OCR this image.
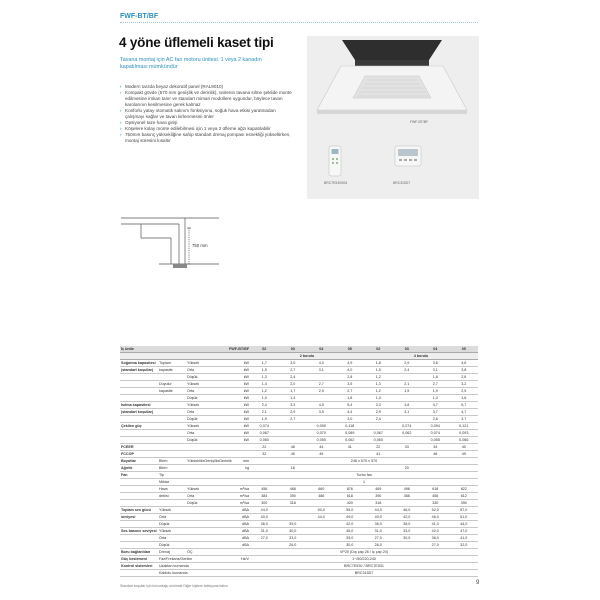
FWF-BT/BF
4 yöne üflemeli kaset tipi
Tavana montaj için AC fan motoru ünitesi. 1 veya 2 kanadın kapatılması mümkündür
› Modern tarzda beyaz dekoratif panel (RAL9010)
› Kompakt gövde (570 mm genişlik ve derinlik), ünitenin tavana silme şeklide monte edilmesine imkan tanır ve standart mimari modüllere uygundur, böylece tavan karolarının kesilmesine gerek kalmaz
› Konforlu yatay otomatik salınım fonksiyonu, soğuk hava etkisi yaratmadan çalışmayı sağlar ve tavan kirlenmesini önler
› Opsiyonel taze hava girişi
› Köşelere kolay monte edilebilmesi için 1 veya 2 üfleme ağzı kapatılabilir
› 750mm basınç yüksekliğine sahip standart drenaj pompası esnekliği yükseltirken, montaj süresini kısaltır
FWF-BT/BF
BRC7E530/531	BRC315D7
750 mm
İç ünite			FWF-BT/BF	02	03	04	05	02	03	04	05
				2 borulu				4 borulu			
Soğutma kapasitesi	Toplam	Yüksek	kW	1,7	3,0	4,0	4,9	1,8	2,9	3,8	4,6
(standart koşullar)	kapasite	Orta	kW	1,5	2,7	3,1	4,0	1,5	2,4	3,1	3,8
		Düşük	kW	1,3	2,4		2,8	1,2		1,6	2,6
	Duyulur	Yüksek	kW	1,4	2,0	2,7	3,5	1,3	2,1	2,7	3,2
	kapasite	Orta	kW	1,2	1,7	2,0	2,7	1,2	1,5	1,9	2,5
		Düşük	kW	1,0	1,4		1,8	1,0		1,0	1,6
Isıtma kapasitesi		Yüksek	kW	2,4	3,3	4,5	5,4	3,3	3,8	4,7	5,7
(standart koşullar)		Orta	kW	2,1	2,9	3,5	4,4	2,9	3,1	3,7	4,7
		Düşük	kW	1,9	2,7		3,0	2,4		2,6	3,7
Çekilen güç		Yüksek	kW	0,074		0,090	0,118		0,074	0,094	0,121
		Orta	kW	0,067		0,070	0,089	0,067	0,062	0,074	0,093
		Düşük	kW	0,060		0,055	0,062	0,060		0,055	0,066
FCEER				22	48	44	41	22	33	34	40
FCCOP				32	45	49		41		48	49
Boyutlar	Birim	YükseklikxGenişlikxDerinlik	mm	246 x 570 x 570							
Ağırlık	Birim		kg		18				20		
Fan	Tip			Turbo fan							
	Miktar			1							
	Hava	Yüksek	m³/sa	456	468	660	876	469	498	618	822
	debisi	Orta	m³/sa	384	390	486	618	390	366	456	612
		Düşük	m³/sa	300	318		420	318		330	390
Toplam ses gücü	Yüksek		dBA	44,0		50,0	55,0	44,0	46,0	52,0	57,0
seviyesi	Orta		dBA	40,0		44,0	49,0	40,0	42,0	46,0	51,0
	Düşük		dBA	36,0	39,0		42,0	36,0	38,0	41,0	44,0
Ses basıncı seviyesi	Yüksek		dBA	31,0	40,0		45,0	31,0	33,0	42,0	47,0
	Orta		dBA	27,0	33,0		39,0	27,0	30,0	36,0	41,0
	Düşük		dBA		26,0		30,0	26,0		27,0	32,0
Boru bağlantıları	Drenaj	OÇ		VP20 (Dış çap 26 / İç çap 20)							
Güç beslemesi	Faz/Frekans/Gerilim		Hz/V	1~/50/220-240							
Kontrol sistemleri	Uzaktan kumanda			BRC7E530 / BRC7E531							
	Kablolu kumanda			BRC315D7							
Standart koşullar için bulunduğu sürümde Diğer kişilere tabloyuna bakın	9
